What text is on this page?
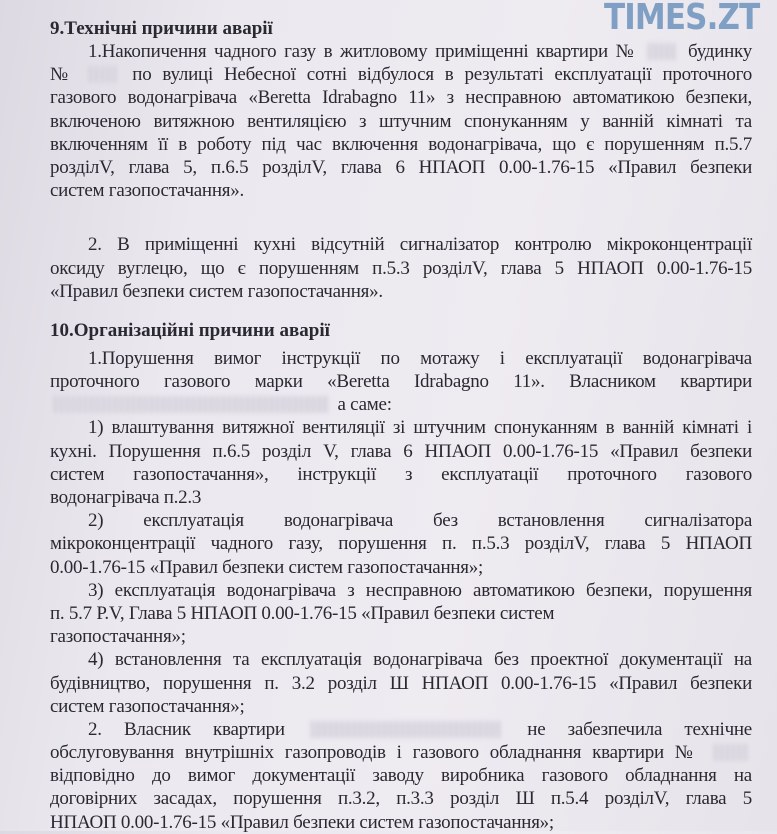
TIMES.ZT
9.Технічні причини аварії
1.Накопичення чадного газу в житловому приміщенні квартири №	будинку
№	по вулиці Небесної сотні відбулося в результаті експлуатації проточного
газового водонагрівача «Beretta Idrabagno 11» з несправною автоматикою безпеки,
включеною витяжною вентиляцією з штучним спонуканням у ванній кімнаті та
включенням її в роботу під час включення водонагрівача, що є порушенням п.5.7
розділV, глава 5, п.6.5 розділV, глава 6 НПАОП 0.00-1.76-15 «Правил безпеки
систем газопостачання».
2. В приміщенні кухні відсутній сигналізатор контролю мікроконцентрації
оксиду вуглецю, що є порушенням п.5.3 розділV, глава 5 НПАОП 0.00-1.76-15
«Правил безпеки систем газопостачання».
10.Організаційні причини аварії
1.Порушення вимог інструкції по мотажу і експлуатації водонагрівача
проточного газового марки «Beretta Idrabagno 11». Власником квартири
а саме:
1) влаштування витяжної вентиляції зі штучним спонуканням в ванній кімнаті і
кухні. Порушення п.6.5 розділ V, глава 6 НПАОП 0.00-1.76-15 «Правил безпеки
систем газопостачання», інструкції з експлуатації проточного газового
водонагрівача п.2.3
2) експлуатація водонагрівача без встановлення сигналізатора
мікроконцентрації чадного газу, порушення п. п.5.3 розділV, глава 5 НПАОП
0.00-1.76-15 «Правил безпеки систем газопостачання»;
3) експлуатація водонагрівача з несправною автоматикою безпеки, порушення
п. 5.7 Р.V, Глава 5 НПАОП 0.00-1.76-15 «Правил безпеки систем
газопостачання»;
4) встановлення та експлуатація водонагрівача без проектної документації на
будівництво, порушення п. 3.2 розділ Ш НПАОП 0.00-1.76-15 «Правил безпеки
систем газопостачання»;
2. Власник квартири	не забезпечила технічне
обслуговування внутрішніх газопроводів і газового обладнання квартири №
відповідно до вимог документації заводу виробника газового обладнання на
договірних засадах, порушення п.3.2, п.3.3 розділ Ш п.5.4 розділV, глава 5
НПАОП 0.00-1.76-15 «Правил безпеки систем газопостачання»;
